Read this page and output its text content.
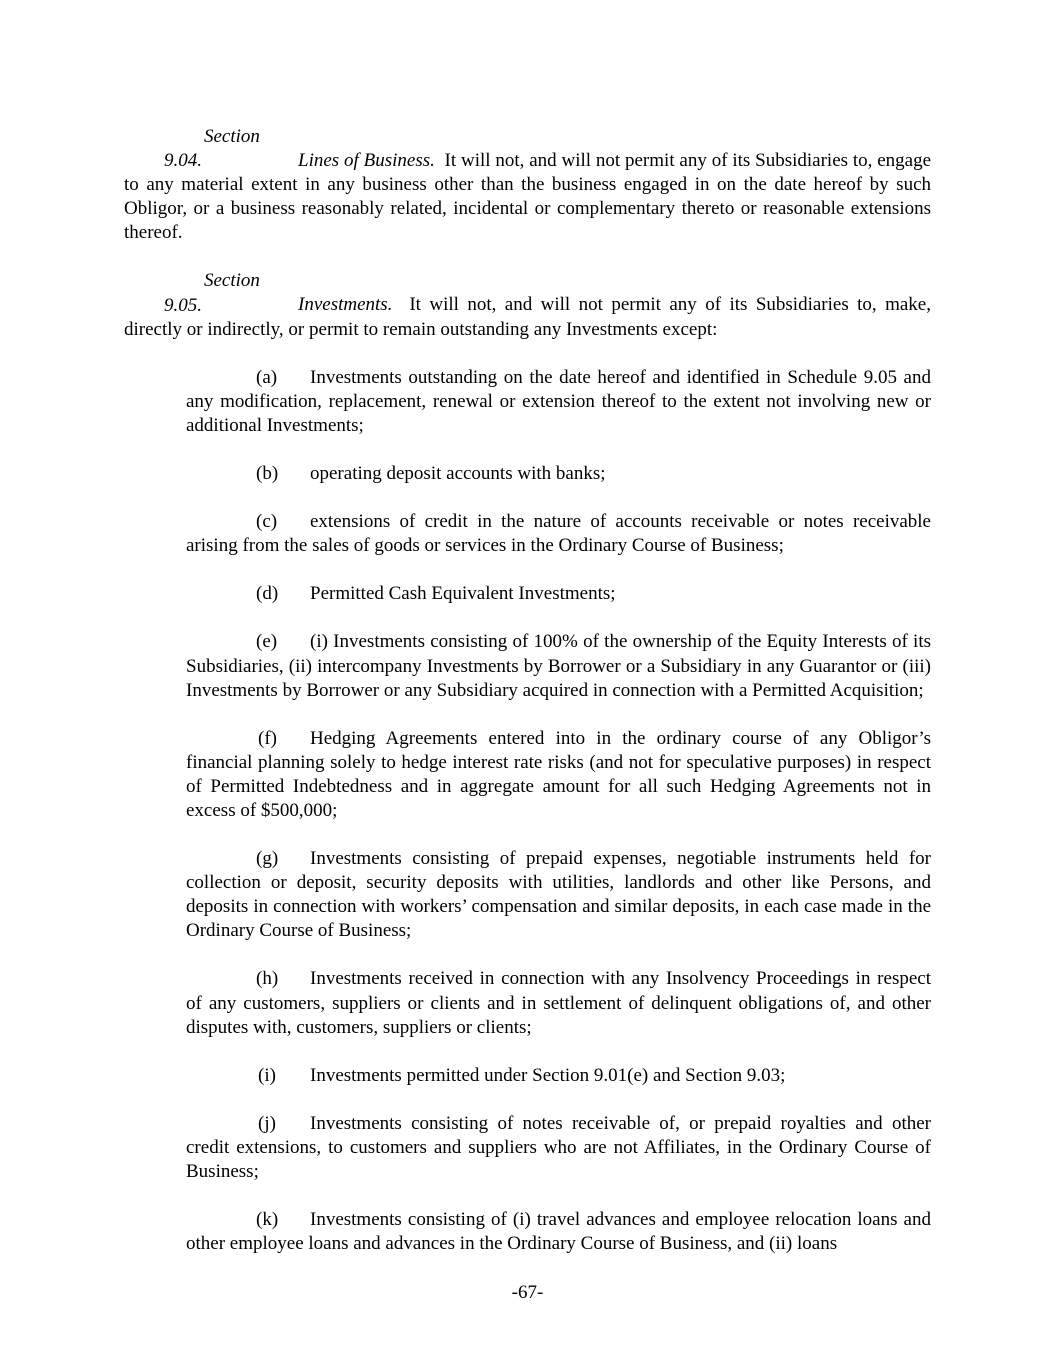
Section 9.04.	Lines of Business. It will not, and will not permit any of its Subsidiaries to, engage to any material extent in any business other than the business engaged in on the date hereof by such Obligor, or a business reasonably related, incidental or complementary thereto or reasonable extensions thereof.

Section 9.05.	Investments. It will not, and will not permit any of its Subsidiaries to, make, directly or indirectly, or permit to remain outstanding any Investments except:

(a) Investments outstanding on the date hereof and identified in Schedule 9.05 and any modification, replacement, renewal or extension thereof to the extent not involving new or additional Investments;

(b) operating deposit accounts with banks;

(c) extensions of credit in the nature of accounts receivable or notes receivable arising from the sales of goods or services in the Ordinary Course of Business;

(d) Permitted Cash Equivalent Investments;

(e) (i) Investments consisting of 100% of the ownership of the Equity Interests of its Subsidiaries, (ii) intercompany Investments by Borrower or a Subsidiary in any Guarantor or (iii) Investments by Borrower or any Subsidiary acquired in connection with a Permitted Acquisition;

(f) Hedging Agreements entered into in the ordinary course of any Obligor’s financial planning solely to hedge interest rate risks (and not for speculative purposes) in respect of Permitted Indebtedness and in aggregate amount for all such Hedging Agreements not in excess of $500,000;

(g) Investments consisting of prepaid expenses, negotiable instruments held for collection or deposit, security deposits with utilities, landlords and other like Persons, and deposits in connection with workers’ compensation and similar deposits, in each case made in the Ordinary Course of Business;

(h) Investments received in connection with any Insolvency Proceedings in respect of any customers, suppliers or clients and in settlement of delinquent obligations of, and other disputes with, customers, suppliers or clients;

(i) Investments permitted under Section 9.01(e) and Section 9.03;

(j) Investments consisting of notes receivable of, or prepaid royalties and other credit extensions, to customers and suppliers who are not Affiliates, in the Ordinary Course of Business;

(k) Investments consisting of (i) travel advances and employee relocation loans and other employee loans and advances in the Ordinary Course of Business, and (ii) loans

-67-
